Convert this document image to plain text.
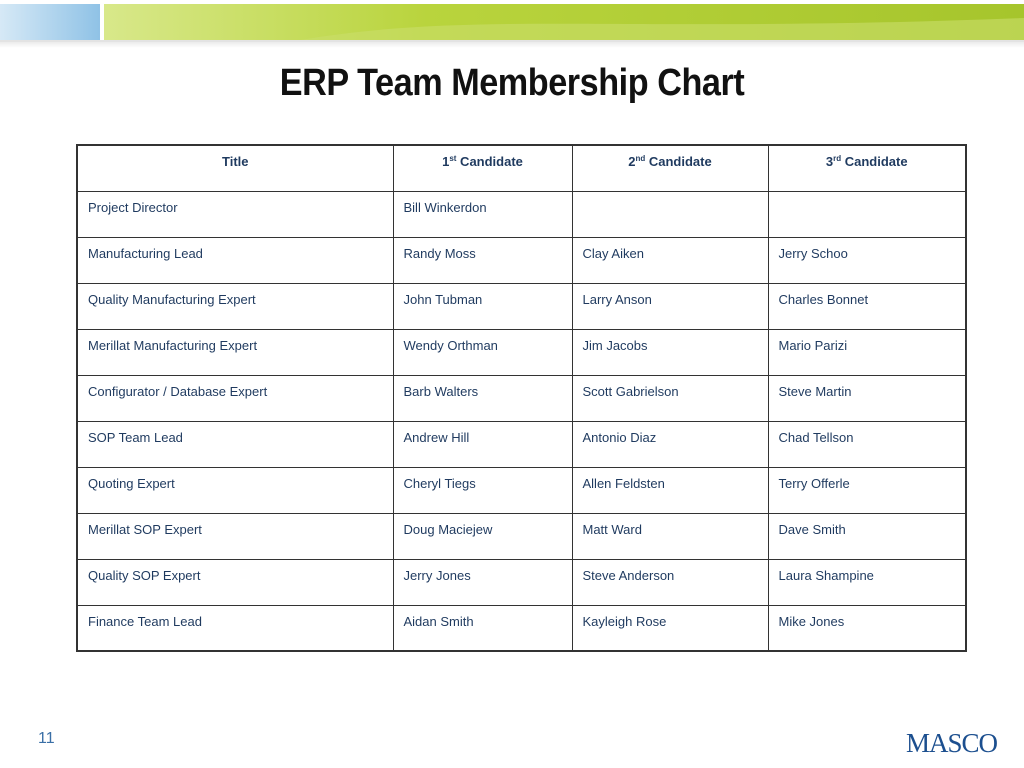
ERP Team Membership Chart
Title	1st Candidate	2nd Candidate	3rd Candidate
Project Director	Bill Winkerdon		
Manufacturing Lead	Randy Moss	Clay Aiken	Jerry Schoo
Quality Manufacturing Expert	John Tubman	Larry Anson	Charles Bonnet
Merillat Manufacturing Expert	Wendy Orthman	Jim Jacobs	Mario Parizi
Configurator / Database Expert	Barb Walters	Scott Gabrielson	Steve Martin
SOP Team Lead	Andrew Hill	Antonio Diaz	Chad Tellson
Quoting Expert	Cheryl Tiegs	Allen Feldsten	Terry Offerle
Merillat SOP Expert	Doug Maciejew	Matt Ward	Dave Smith
Quality SOP Expert	Jerry Jones	Steve Anderson	Laura Shampine
Finance Team Lead	Aidan Smith	Kayleigh Rose	Mike Jones
11	MASCO
